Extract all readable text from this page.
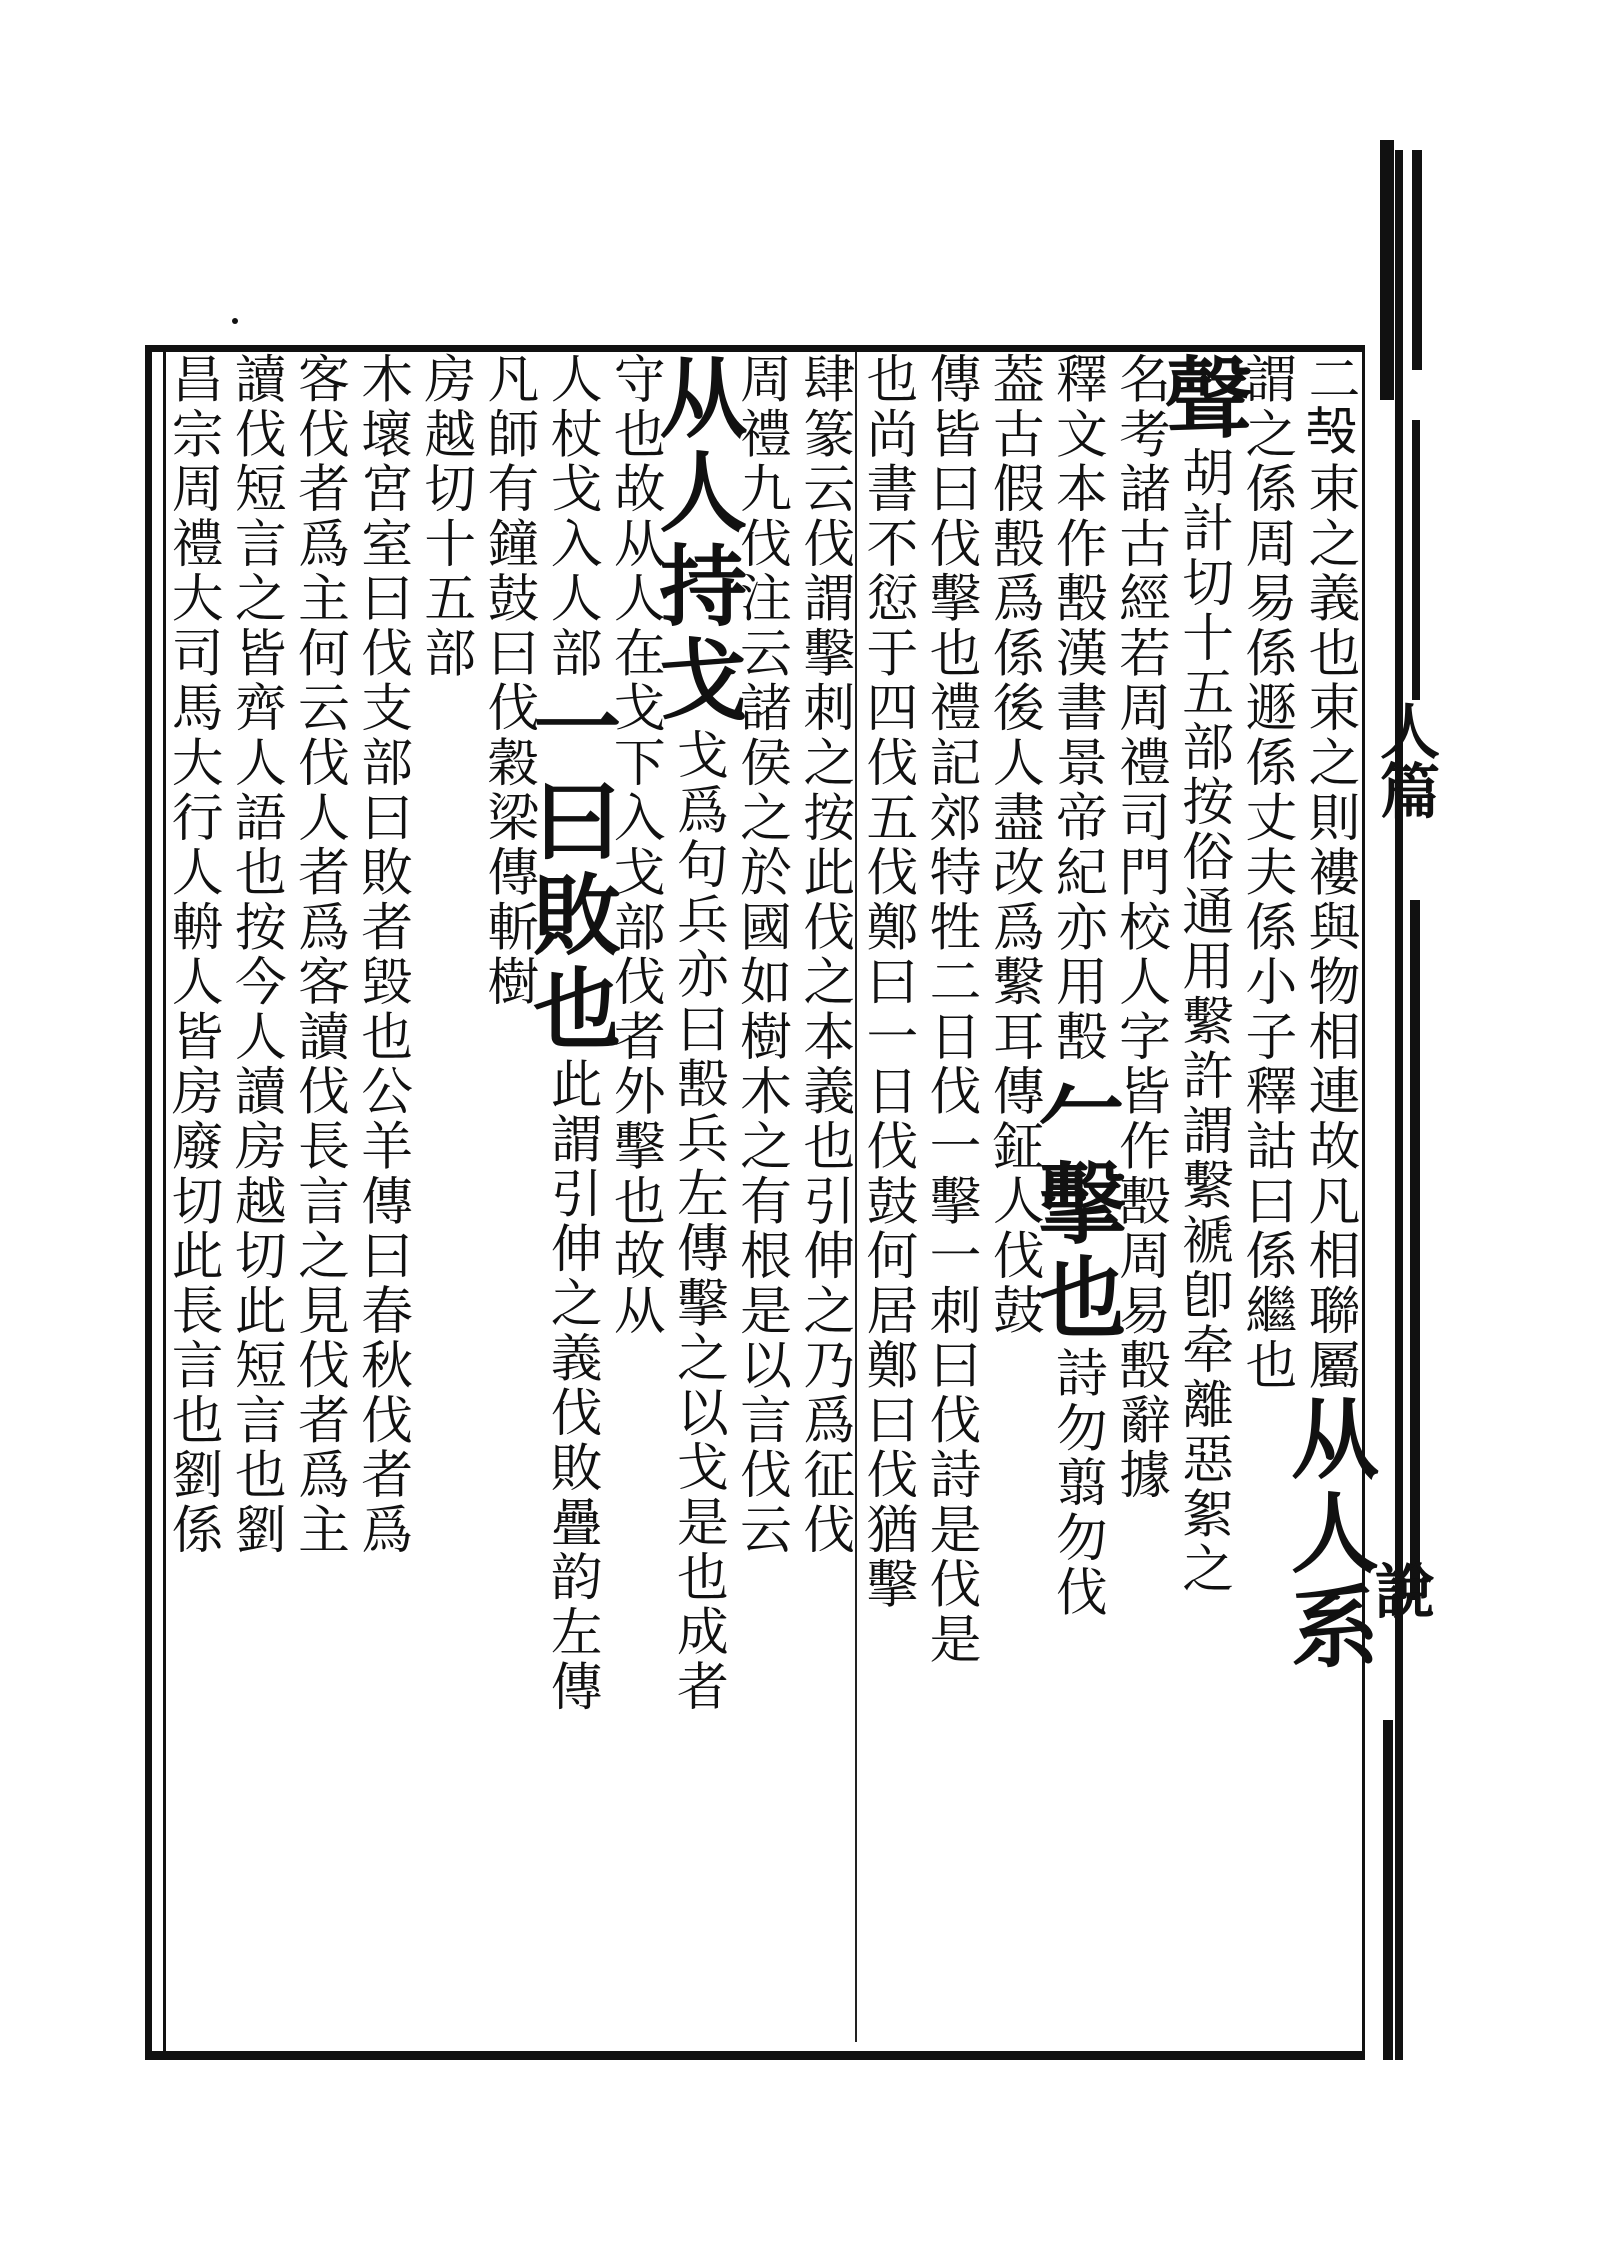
人篇
說
二𣪊束之義也束之則褸與物相連故凡相聯屬
从人系
謂之係周易係遯係丈夫係小子釋詁曰係繼也
聲
胡計切十五部按俗通用繫許謂繫褫卽牵離惡絮之
名考諸古經若周禮司門校人字皆作毄周易毄辭據
釋文本作毄漢書景帝紀亦用毄
𠂉
擊也
詩勿翦勿伐
葢古假毄爲係後人盡改爲繫耳
傳鉦人伐鼓
傳皆曰伐擊也禮記郊特牲二日伐一擊一刺曰伐詩是伐是
也尚書不愆于四伐五伐鄭曰一日伐鼓何居鄭曰伐猶擊
肆篆云伐謂擊刺之按此伐之本義也引伸之乃爲征伐
周禮九伐注云諸侯之於國如樹木之有根是以言伐云
从人持戈
戈爲句兵亦曰毄兵左傳擊之以戈是也成者
守也故从人在戈下入戈部伐者外擊也故从
人杖戈入人部
一曰敗也
此謂引伸之義伐敗疊韵左傳
凡師有鐘鼓曰伐穀梁傳斬樹
房越切十五部
木壞宮室曰伐支部曰敗者毀也公羊傳曰春秋伐者爲
客伐者爲主何云伐人者爲客讀伐長言之見伐者爲主
讀伐短言之皆齊人語也按今人讀房越切此短言也劉
昌宗周禮大司馬大行人輈人皆房廢切此長言也劉係
